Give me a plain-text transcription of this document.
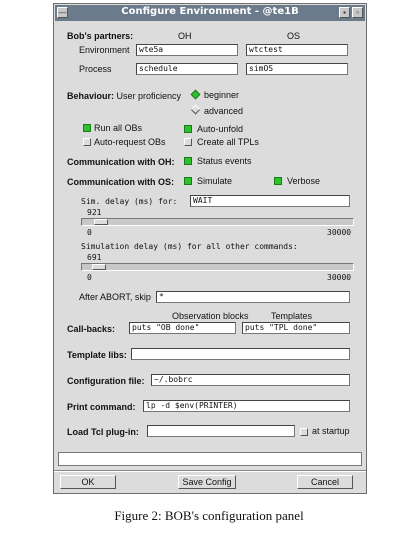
—	Configure Environment - @te1B	▪	▫
Bob's partners:	OH	OS
Environment	wte5a	wtctest
Process	schedule	simOS
Behaviour: User proficiency	beginner
advanced
Run all OBs	Auto-unfold
Auto-request OBs	Create all TPLs
Communication with OH:	Status events
Communication with OS:	Simulate	Verbose
Sim. delay (ms) for:	WAIT
921
0	30000
Simulation delay (ms) for all other commands:
691
0	30000
After ABORT, skip	*
Observation blocks Templates
Call-backs:	puts "OB done"	puts "TPL done"
Template libs:
Configuration file:	~/.bobrc
Print command:	lp -d $env(PRINTER)
Load Tcl plug-in:	at startup
OK	Save Config	Cancel
Figure 2: BOB's configuration panel
